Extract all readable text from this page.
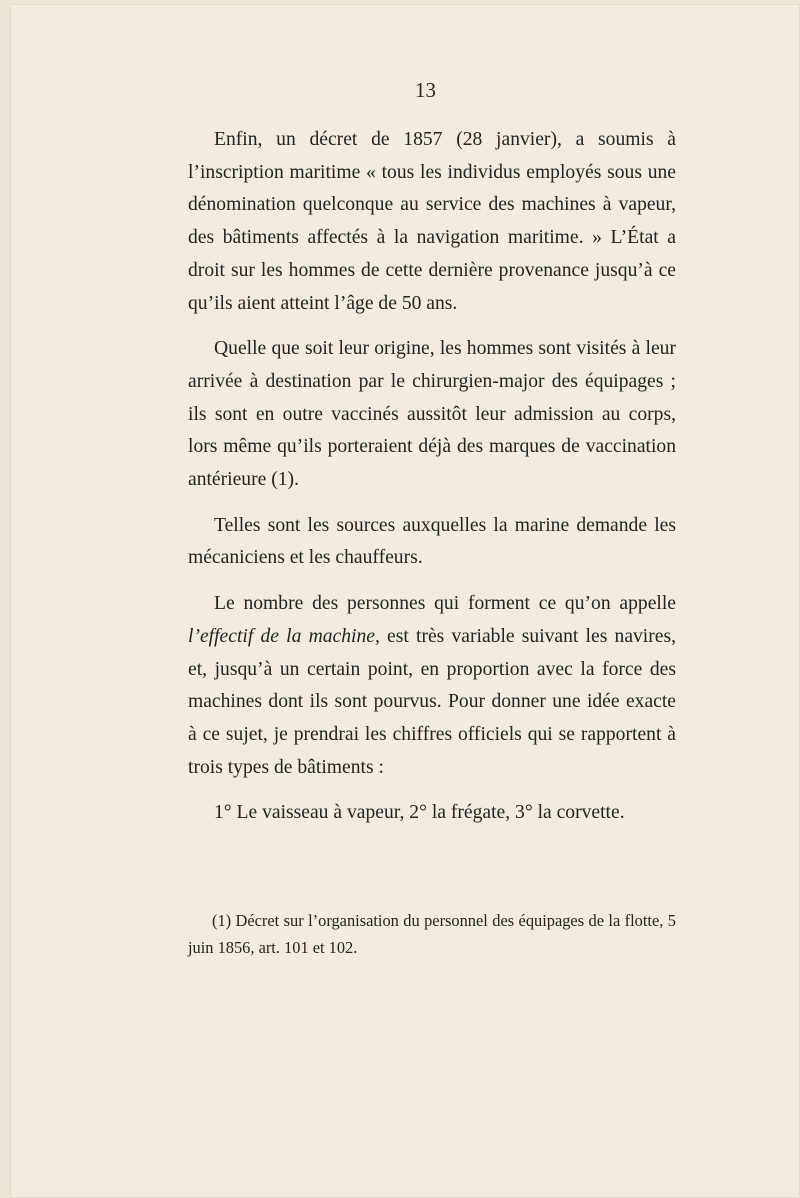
13

Enfin, un décret de 1857 (28 janvier), a soumis à l’inscription maritime « tous les individus employés sous une dénomination quelconque au service des machines à vapeur, des bâtiments affectés à la navigation maritime. » L’État a droit sur les hommes de cette dernière provenance jusqu’à ce qu’ils aient atteint l’âge de 50 ans.

Quelle que soit leur origine, les hommes sont visités à leur arrivée à destination par le chirurgien-major des équipages ; ils sont en outre vaccinés aussitôt leur admission au corps, lors même qu’ils porteraient déjà des marques de vaccination antérieure (1).

Telles sont les sources auxquelles la marine demande les mécaniciens et les chauffeurs.

Le nombre des personnes qui forment ce qu’on appelle l’effectif de la machine, est très variable suivant les navires, et, jusqu’à un certain point, en proportion avec la force des machines dont ils sont pourvus. Pour donner une idée exacte à ce sujet, je prendrai les chiffres officiels qui se rapportent à trois types de bâtiments :

1° Le vaisseau à vapeur, 2° la frégate, 3° la corvette.

(1) Décret sur l’organisation du personnel des équipages de la flotte, 5 juin 1856, art. 101 et 102.
